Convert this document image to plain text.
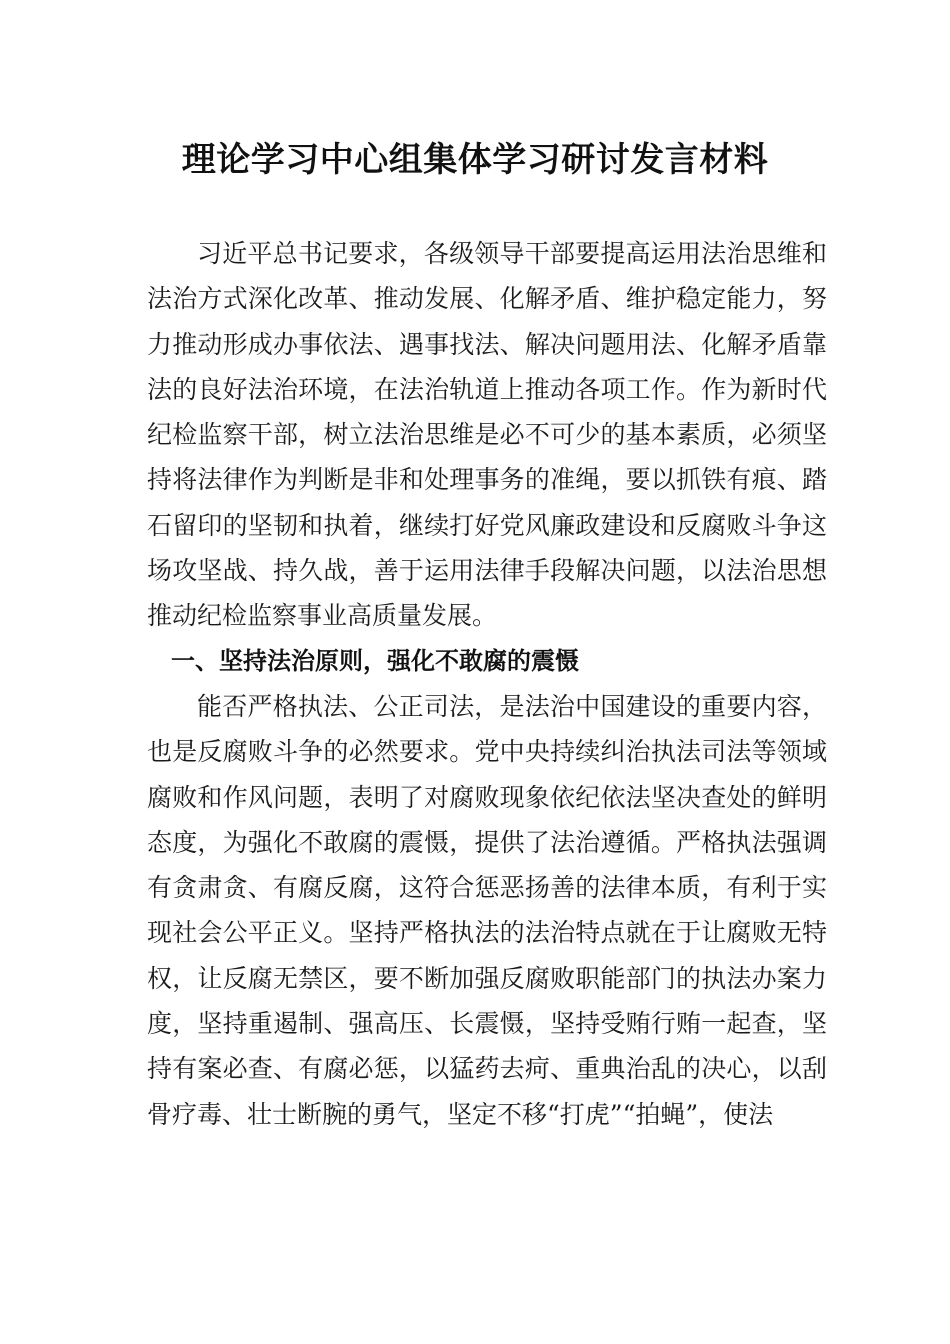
理论学习中心组集体学习研讨发言材料

习近平总书记要求，各级领导干部要提高运用法治思维和法治方式深化改革、推动发展、化解矛盾、维护稳定能力，努力推动形成办事依法、遇事找法、解决问题用法、化解矛盾靠法的良好法治环境，在法治轨道上推动各项工作。作为新时代纪检监察干部，树立法治思维是必不可少的基本素质，必须坚持将法律作为判断是非和处理事务的准绳，要以抓铁有痕、踏石留印的坚韧和执着，继续打好党风廉政建设和反腐败斗争这场攻坚战、持久战，善于运用法律手段解决问题，以法治思想推动纪检监察事业高质量发展。

一、坚持法治原则，强化不敢腐的震慑

能否严格执法、公正司法，是法治中国建设的重要内容，也是反腐败斗争的必然要求。党中央持续纠治执法司法等领域腐败和作风问题，表明了对腐败现象依纪依法坚决查处的鲜明态度，为强化不敢腐的震慑，提供了法治遵循。严格执法强调有贪肃贪、有腐反腐，这符合惩恶扬善的法律本质，有利于实现社会公平正义。坚持严格执法的法治特点就在于让腐败无特权，让反腐无禁区，要不断加强反腐败职能部门的执法办案力度，坚持重遏制、强高压、长震慑，坚持受贿行贿一起查，坚持有案必查、有腐必惩，以猛药去疴、重典治乱的决心，以刮骨疗毒、壮士断腕的勇气，坚定不移“打虎”“拍蝇”，使法
